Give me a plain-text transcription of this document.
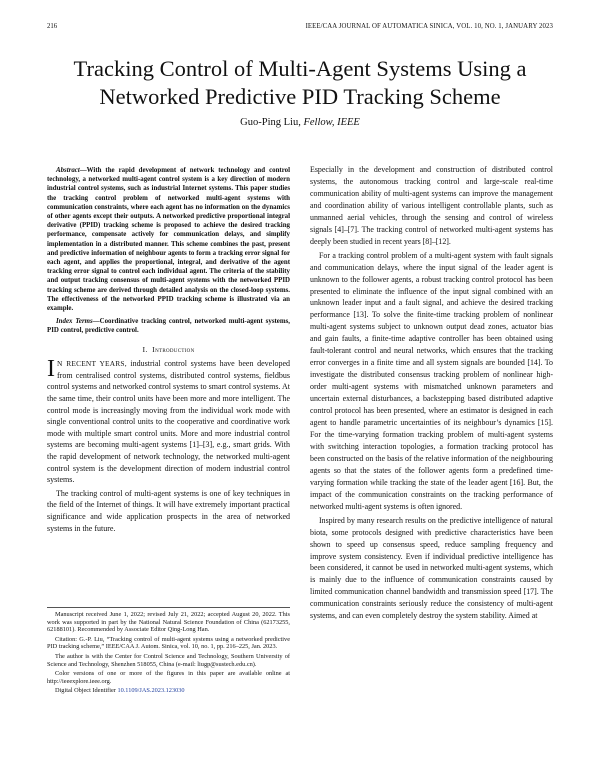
216	IEEE/CAA JOURNAL OF AUTOMATICA SINICA, VOL. 10, NO. 1, JANUARY 2023
Tracking Control of Multi-Agent Systems Using a Networked Predictive PID Tracking Scheme
Guo-Ping Liu, Fellow, IEEE
Abstract—With the rapid development of network technology and control technology, a networked multi-agent control system is a key direction of modern industrial control systems, such as industrial Internet systems. This paper studies the tracking control problem of networked multi-agent systems with communication constraints, where each agent has no information on the dynamics of other agents except their outputs. A networked predictive proportional integral derivative (PPID) tracking scheme is proposed to achieve the desired tracking performance, compensate actively for communication delays, and simplify implementation in a distributed manner. This scheme combines the past, present and predictive information of neighbour agents to form a tracking error signal for each agent, and applies the proportional, integral, and derivative of the agent tracking error signal to control each individual agent. The criteria of the stability and output tracking consensus of multi-agent systems with the networked PPID tracking scheme are derived through detailed analysis on the closed-loop systems. The effectiveness of the networked PPID tracking scheme is illustrated via an example.
Index Terms—Coordinative tracking control, networked multi-agent systems, PID control, predictive control.
I. Introduction

IN RECENT YEARS, industrial control systems have been developed from centralised control systems, distributed control systems, fieldbus control systems and networked control systems to smart control systems. At the same time, their control units have been more and more intelligent. The control mode is increasingly moving from the individual work mode with single conventional control units to the cooperative and coordinative work mode with multiple smart control units. More and more industrial control systems are becoming multi-agent systems [1]–[3], e.g., smart grids. With the rapid development of network technology, the networked multi-agent control system is the development direction of modern industrial control systems.

The tracking control of multi-agent systems is one of key techniques in the field of the Internet of things. It will have extremely important practical significance and wide application prospects in the area of networked systems in the future.

Manuscript received June 1, 2022; revised July 21, 2022; accepted August 20, 2022. This work was supported in part by the National Natural Science Foundation of China (62173255, 62188101). Recommended by Associate Editor Qing-Long Han.

Citation: G.-P. Liu, “Tracking control of multi-agent systems using a networked predictive PID tracking scheme,” IEEE/CAA J. Autom. Sinica, vol. 10, no. 1, pp. 216–225, Jan. 2023.

The author is with the Center for Control Science and Technology, Southern University of Science and Technology, Shenzhen 518055, China (e-mail: liugp@sustech.edu.cn).

Color versions of one or more of the figures in this paper are available online at http://ieeexplore.ieee.org.

Digital Object Identifier 10.1109/JAS.2023.123030

Especially in the development and construction of distributed control systems, the autonomous tracking control and large-scale real-time communication ability of multi-agent systems can improve the management and coordination ability of various intelligent controllable plants, such as unmanned aerial vehicles, through the sensing and control of wireless signals [4]–[7]. The tracking control of networked multi-agent systems has deeply been studied in recent years [8]–[12].

For a tracking control problem of a multi-agent system with fault signals and communication delays, where the input signal of the leader agent is unknown to the follower agents, a robust tracking control protocol has been presented to eliminate the influence of the input signal combined with an unknown leader input and a fault signal, and achieve the desired tracking performance [13]. To solve the finite-time tracking problem of nonlinear multi-agent systems subject to unknown output dead zones, actuator bias and gain faults, a finite-time adaptive controller has been obtained using fault-tolerant control and neural networks, which ensures that the tracking error converges in a finite time and all system signals are bounded [14]. To investigate the distributed consensus tracking problem of nonlinear high-order multi-agent systems with mismatched unknown parameters and uncertain external disturbances, a backstepping based distributed adaptive control protocol has been presented, where an estimator is designed in each agent to handle parametric uncertainties of its neighbour’s dynamics [15]. For the time-varying formation tracking problem of multi-agent systems with switching interaction topologies, a formation tracking protocol has been constructed on the basis of the relative information of the neighbouring agents so that the states of the follower agents form a predefined time-varying formation while tracking the state of the leader agent [16]. But, the impact of the communication constraints on the tracking performance of networked multi-agent systems is often ignored.

Inspired by many research results on the predictive intelligence of natural biota, some protocols designed with predictive characteristics have been shown to speed up consensus speed, reduce sampling frequency and improve system consistency. Even if individual predictive intelligence has been considered, it cannot be used in networked multi-agent systems, which is mainly due to the influence of communication constraints caused by limited communication channel bandwidth and transmission speed [17]. The communication constraints seriously reduce the consistency of multi-agent systems, and can even completely destroy the system stability. Aimed at
